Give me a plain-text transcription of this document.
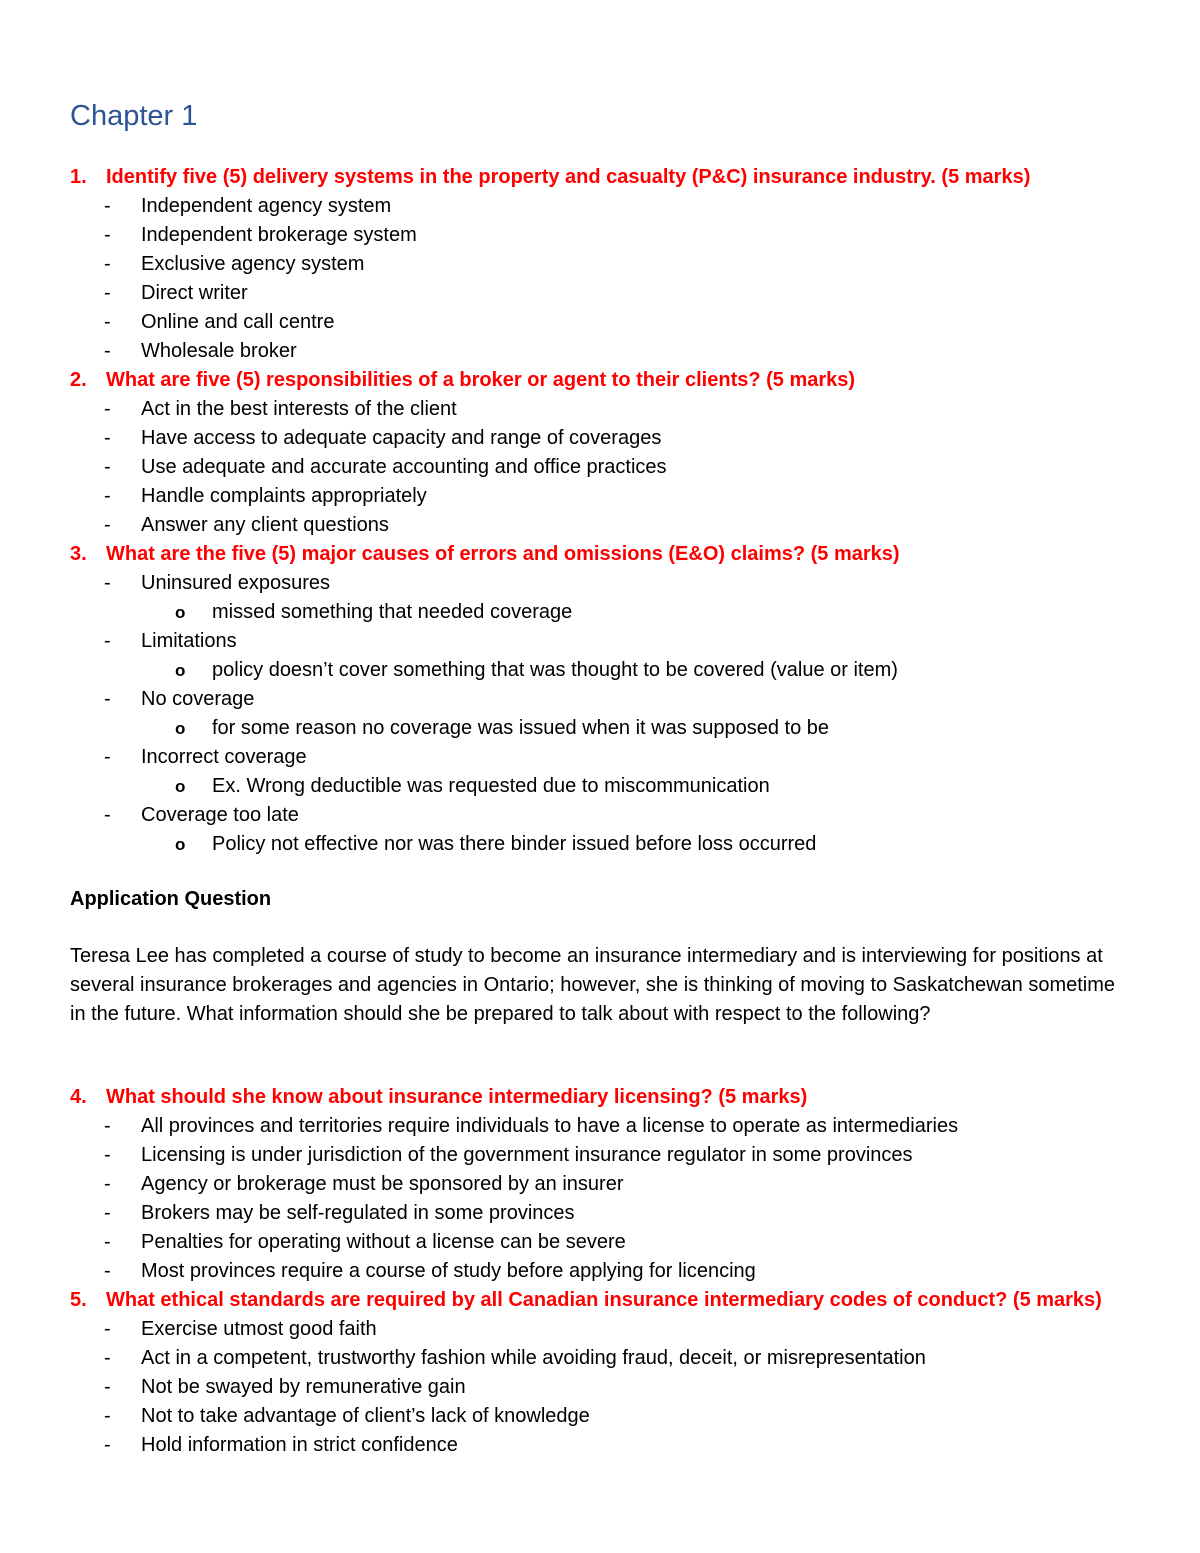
Chapter 1
1. Identify five (5) delivery systems in the property and casualty (P&C) insurance industry. (5 marks)
- Independent agency system
- Independent brokerage system
- Exclusive agency system
- Direct writer
- Online and call centre
- Wholesale broker
2. What are five (5) responsibilities of a broker or agent to their clients? (5 marks)
- Act in the best interests of the client
- Have access to adequate capacity and range of coverages
- Use adequate and accurate accounting and office practices
- Handle complaints appropriately
- Answer any client questions
3. What are the five (5) major causes of errors and omissions (E&O) claims? (5 marks)
- Uninsured exposures
o missed something that needed coverage
- Limitations
o policy doesn’t cover something that was thought to be covered (value or item)
- No coverage
o for some reason no coverage was issued when it was supposed to be
- Incorrect coverage
o Ex. Wrong deductible was requested due to miscommunication
- Coverage too late
o Policy not effective nor was there binder issued before loss occurred
Application Question

Teresa Lee has completed a course of study to become an insurance intermediary and is interviewing for positions at several insurance brokerages and agencies in Ontario; however, she is thinking of moving to Saskatchewan sometime in the future. What information should she be prepared to talk about with respect to the following?

4. What should she know about insurance intermediary licensing? (5 marks)
- All provinces and territories require individuals to have a license to operate as intermediaries
- Licensing is under jurisdiction of the government insurance regulator in some provinces
- Agency or brokerage must be sponsored by an insurer
- Brokers may be self-regulated in some provinces
- Penalties for operating without a license can be severe
- Most provinces require a course of study before applying for licencing
5. What ethical standards are required by all Canadian insurance intermediary codes of conduct? (5 marks)
- Exercise utmost good faith
- Act in a competent, trustworthy fashion while avoiding fraud, deceit, or misrepresentation
- Not be swayed by remunerative gain
- Not to take advantage of client’s lack of knowledge
- Hold information in strict confidence
